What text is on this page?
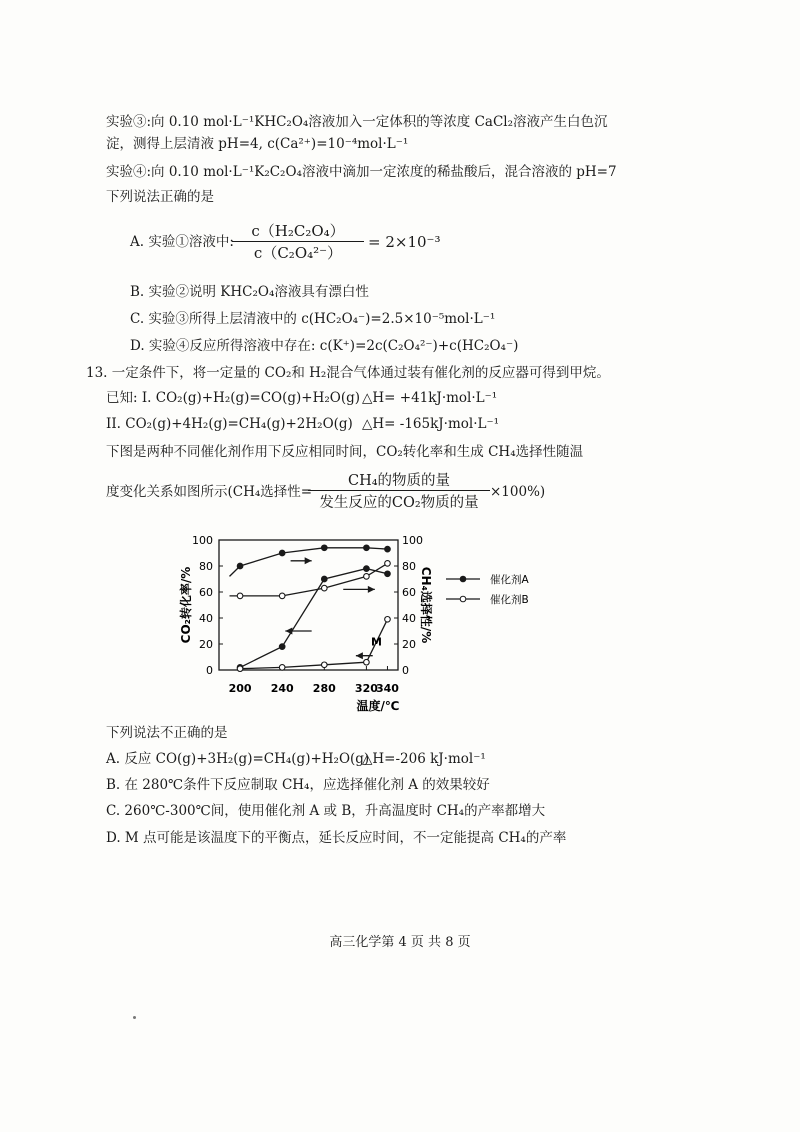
实验③:向 0.10 mol·L⁻¹KHC₂O₄溶液加入一定体积的等浓度 CaCl₂溶液产生白色沉
淀，测得上层清液 pH=4, c(Ca²⁺)=10⁻⁴mol·L⁻¹
实验④:向 0.10 mol·L⁻¹K₂C₂O₄溶液中滴加一定浓度的稀盐酸后，混合溶液的 pH=7
下列说法正确的是
A. 实验①溶液中:
$\frac{\text{c（H₂C₂O₄）}}{\text{c（C₂O₄²⁻）}} = 2\times 10^{-3}$
B. 实验②说明 KHC₂O₄溶液具有漂白性
C. 实验③所得上层清液中的 c(HC₂O₄⁻)=2.5×10⁻⁵mol·L⁻¹
D. 实验④反应所得溶液中存在: c(K⁺)=2c(C₂O₄²⁻)+c(HC₂O₄⁻)
13. 一定条件下，将一定量的 CO₂和 H₂混合气体通过装有催化剂的反应器可得到甲烷。
已知: Ⅰ. CO₂(g)+H₂(g)=CO(g)+H₂O(g) △H= +41kJ·mol·L⁻¹
II. CO₂(g)+4H₂(g)=CH₄(g)+2H₂O(g) △H= -165kJ·mol·L⁻¹
下图是两种不同催化剂作用下反应相同时间，CO₂转化率和生成 CH₄选择性随温
度变化关系如图所示(CH₄选择性=
CH₄的物质的量
发生反应的CO₂物质的量
×100%)
0	0
20	20
40	40
60	60
80	80
100	100
200 240 280 320
340
温度/℃
CO₂转化率/%	CH₄选择性/%
M
催化剂A
催化剂B
下列说法不正确的是
A. 反应 CO(g)+3H₂(g)=CH₄(g)+H₂O(g)
△H=-206 kJ·mol⁻¹
B. 在 280℃条件下反应制取 CH₄，应选择催化剂 A 的效果较好
C. 260℃-300℃间，使用催化剂 A 或 B，升高温度时 CH₄的产率都增大
D. M 点可能是该温度下的平衡点，延长反应时间，不一定能提高 CH₄的产率
高三化学第 4 页 共 8 页
